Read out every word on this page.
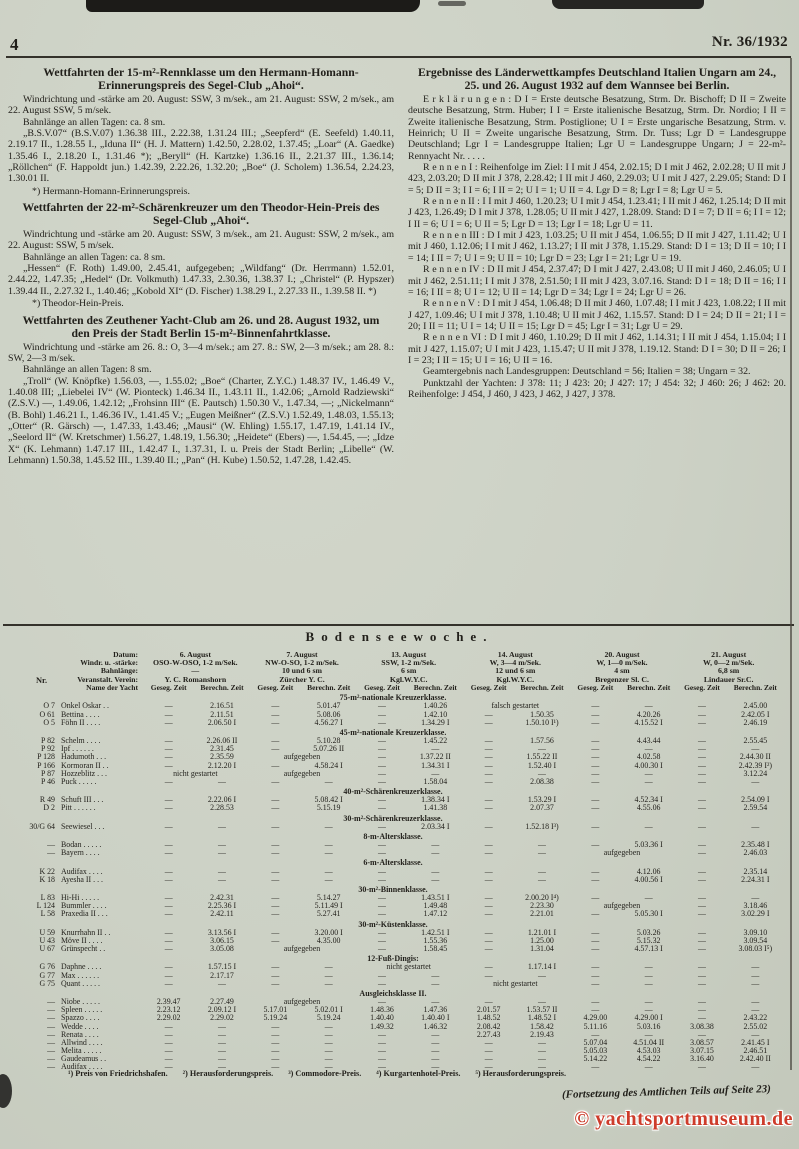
4	Nr. 36/1932
Wettfahrten der 15-m²-Rennklasse um den Hermann-Homann-Erinnerungspreis des Segel-Club „Ahoi“.
Windrichtung und -stärke am 20. August: SSW, 3 m/sek., am 21. August: SSW, 2 m/sek., am 22. August SSW, 5 m/sek.
Bahnlänge an allen Tagen: ca. 8 sm.
„B.S.V.07“ (B.S.V.07) 1.36.38 III., 2.22.38, 1.31.24 III.; „Seepferd“ (E. Seefeld) 1.40.11, 2.19.17 II., 1.28.55 I., „Iduna II“ (H. J. Mattern) 1.42.50, 2.28.02, 1.37.45; „Loar“ (A. Gaedke) 1.35.46 I., 2.18.20 I., 1.31.46 *); „Beryll“ (H. Kartzke) 1.36.16 II., 2.21.37 III., 1.36.14; „Röllchen“ (F. Happoldt jun.) 1.42.39, 2.22.26, 1.32.20; „Boe“ (J. Scholem) 1.36.54, 2.24.23, 1.30.01 II.
*) Hermann-Homann-Erinnerungspreis.
Wettfahrten der 22-m²-Schärenkreuzer um den Theodor-Hein-Preis des Segel-Club „Ahoi“.
Windrichtung und -stärke am 20. August: SSW, 3 m/sek., am 21. August: SSW, 2 m/sek., am 22. August: SSW, 5 m/sek.
Bahnlänge an allen Tagen: ca. 8 sm.
„Hessen“ (F. Roth) 1.49.00, 2.45.41, aufgegeben; „Wildfang“ (Dr. Herrmann) 1.52.01, 2.44.22, 1.47.35; „Hedel“ (Dr. Volkmuth) 1.47.33, 2.30.36, 1.38.37 I.; „Christel“ (P. Hypszer) 1.39.44 II., 2.27.32 I., 1.40.46; „Kobold XI“ (D. Fischer) 1.38.29 I., 2.27.33 II., 1.39.58 II. *)
*) Theodor-Hein-Preis.
Wettfahrten des Zeuthener Yacht-Club am 26. und 28. August 1932, um den Preis der Stadt Berlin 15-m²-Binnenfahrtklasse.
Windrichtung und -stärke am 26. 8.: O, 3—4 m/sek.; am 27. 8.: SW, 2—3 m/sek.; am 28. 8.: SW, 2—3 m/sek.
Bahnlänge an allen Tagen: 8 sm.
„Troll“ (W. Knöpfke) 1.56.03, —, 1.55.02; „Boe“ (Charter, Z.Y.C.) 1.48.37 IV., 1.46.49 V., 1.40.08 III; „Liebelei IV“ (W. Pionteck) 1.46.34 II., 1.43.11 II., 1.42.06; „Arnold Radziewski“ (Z.S.V.) —, 1.49.06, 1.42.12; „Frohsinn III“ (E. Pautsch) 1.50.30 V., 1.47.34, —; „Nickelmann“ (B. Bohl) 1.46.21 I., 1.46.36 IV., 1.41.45 V.; „Eugen Meißner“ (Z.S.V.) 1.52.49, 1.48.03, 1.55.13; „Otter“ (R. Gärsch) —, 1.47.33, 1.43.46; „Mausi“ (W. Ehling) 1.55.17, 1.47.19, 1.41.14 IV., „Seelord II“ (W. Kretschmer) 1.56.27, 1.48.19, 1.56.30; „Heidete“ (Ebers) —, 1.54.45, —; „Idze X“ (K. Lehmann) 1.47.17 III., 1.42.47 I., 1.37.31, I. u. Preis der Stadt Berlin; „Libelle“ (W. Lehmann) 1.50.38, 1.45.52 III., 1.39.40 II.; „Pan“ (H. Kube) 1.50.52, 1.47.28, 1.42.45.
Ergebnisse des Länderwettkampfes Deutschland Italien Ungarn am 24., 25. und 26. August 1932 auf dem Wannsee bei Berlin.
E r k l ä r u n g e n : D I = Erste deutsche Besatzung, Strm. Dr. Bischoff; D II = Zweite deutsche Besatzung, Strm. Huber; I I = Erste italienische Besatzug, Strm. Dr. Nordio; I II = Zweite italienische Besatzung, Strm. Postiglione; U I = Erste ungarische Besatzung, Strm. v. Heinrich; U II = Zweite ungarische Besatzung, Strm. Dr. Tuss; Lgr D = Landesgruppe Deutschland; Lgr I = Landesgruppe Italien; Lgr U = Landesgruppe Ungarn; J = 22-m²-Rennyacht Nr. . . . .
R e n n e n I : Reihenfolge im Ziel: I I mit J 454, 2.02.15; D I mit J 462, 2.02.28; U II mit J 423, 2.03.20; D II mit J 378, 2.28.42; I II mit J 460, 2.29.03; U I mit J 427, 2.29.05; Stand: D I = 5; D II = 3; I I = 6; I II = 2; U I = 1; U II = 4. Lgr D = 8; Lgr I = 8; Lgr U = 5.
R e n n e n II : I I mit J 460, 1.20.23; U I mit J 454, 1.23.41; I II mit J 462, 1.25.14; D II mit J 423, 1.26.49; D I mit J 378, 1.28.05; U II mit J 427, 1.28.09. Stand: D I = 7; D II = 6; I I = 12; I II = 6; U I = 6; U II = 5; Lgr D = 13; Lgr I = 18; Lgr U = 11.
R e n n e n III : D I mit J 423, 1.03.25; U II mit J 454, 1.06.55; D II mit J 427, 1.11.42; U I mit J 460, 1.12.06; I I mit J 462, 1.13.27; I II mit J 378, 1.15.29. Stand: D I = 13; D II = 10; I I = 14; I II = 7; U I = 9; U II = 10; Lgr D = 23; Lgr I = 21; Lgr U = 19.
R e n n e n IV : D II mit J 454, 2.37.47; D I mit J 427, 2.43.08; U II mit J 460, 2.46.05; U I mit J 462, 2.51.11; I I mit J 378, 2.51.50; I II mit J 423, 3.07.16. Stand: D I = 18; D II = 16; I I = 16; I II = 8; U I = 12; U II = 14; Lgr D = 34; Lgr I = 24; Lgr U = 26.
R e n n e n V : D I mit J 454, 1.06.48; D II mit J 460, 1.07.48; I I mit J 423, 1.08.22; I II mit J 427, 1.09.46; U I mit J 378, 1.10.48; U II mit J 462, 1.15.57. Stand: D I = 24; D II = 21; I I = 20; I II = 11; U I = 14; U II = 15; Lgr D = 45; Lgr I = 31; Lgr U = 29.
R e n n e n VI : D I mit J 460, 1.10.29; D II mit J 462, 1.14.31; I II mit J 454, 1.15.04; I I mit J 427, 1.15.07; U I mit J 423, 1.15.47; U II mit J 378, 1.19.12. Stand: D I = 30; D II = 26; I I = 23; I II = 15; U I = 16; U II = 16.
Geamtergebnis nach Landesgruppen: Deutschland = 56; Italien = 38; Ungarn = 32.
Punktzahl der Yachten: J 378: 11; J 423: 20; J 427: 17; J 454: 32; J 460: 26; J 462: 20. Reihenfolge: J 454, J 460, J 423, J 462, J 427, J 378.
Bodenseewoche.
Nr.
Datum:	6. August	7. August	13. August	14. August	20. August	21. August
Windr. u. -stärke:	OSO-W-OSO, 1-2 m/Sek.	NW-O-SO, 1-2 m/Sek.	SSW, 1-2 m/Sek.	W, 3—4 m/Sek.	W, 1—0 m/Sek.	W, 0—2 m/Sek.
Bahnlänge:	—	10 und 6 sm	6 sm	12 und 6 sm	4 sm	6,8 sm
Veranstalt. Verein:	Y. C. Romanshorn	Zürcher Y. C.	Kgl.W.Y.C.	Kgl.W.Y.C.	Bregenzer Sl. C.	Lindauer Sr.C.
Name der Yacht	Geseg. Zeit	Berechn. Zeit	Geseg. Zeit	Berechn. Zeit	Geseg. Zeit	Berechn. Zeit	Geseg. Zeit	Berechn. Zeit	Geseg. Zeit	Berechn. Zeit	Geseg. Zeit	Berechn. Zeit
75-m²-nationale Kreuzerklasse.
O 7 Onkel Oskar . .	—	2.16.51	—	5.01.47	—	1.40.26	falsch gestartet	—	—	—	2.45.00
O 61 Bettina . . . .	—	2.11.51	—	5.08.06	—	1.42.10	—	1.50.35	—	4.20.26	—	2.42.05 I
O 5 Föhn II . . . .	—	2.06.50 I	—	4.56.27 I	—	1.34.29 I	—	1.50.10 I¹)	—	4.15.52 I	—	2.46.19
45-m²-nationale Kreuzerklasse.
P 82 Schelm . . . .	—	2.26.06 II	—	5.10.28	—	1.45.22	—	1.57.56	—	4.43.44	—	2.55.45
P 92 Ipf . . . . . .	—	2.31.45	—	5.07.26 II	—	—	—	—	—	—	—	—
P 128 Hadumoth . . .	—	2.35.59	aufgegeben	—	1.37.22 II	—	1.55.22 II	—	4.02.58	—	2.44.30 II
P 166 Kormoran II . .	—	2.12.20 I	—	4.58.24 I	—	1.34.31 I	—	1.52.40 I	—	4.00.30 I	—	2.42.39 I²)
P 87 Hozzeblitz . . .	nicht gestartet	aufgegeben	—	—	—	—	—	—	—	3.12.24
P 46 Puck . . . . .	—	—	—	—	—	1.58.04	—	2.08.38	—	—	—	—
40-m²-Schärenkreuzerklasse.
R 49 Schuft III . . .	—	2.22.06 I	—	5.08.42 I	—	1.38.34 I	—	1.53.29 I	—	4.52.34 I	—	2.54.09 I
D 2 Pitt . . . . . .	—	2.28.53	—	5.15.19	—	1.41.38	—	2.07.37	—	4.55.06	—	2.59.54
30-m²-Schärenkreuzerklasse.
30/G 64 Seewiesel . . .	—	—	—	—	—	2.03.34 I	—	1.52.18 I³)	—	—	—	—
8-m-Altersklasse.
— Bodan . . . . .	—	—	—	—	—	—	—	—	—	5.03.36 I	—	2.35.48 I
— Bayern . . . .	—	—	—	—	—	—	—	—	aufgegeben	—	2.46.03
6-m-Altersklasse.
K 22 Audifax . . . .	—	—	—	—	—	—	—	—	—	4.12.06	—	2.35.14
K 18 Ayesha II . . .	—	—	—	—	—	—	—	—	—	4.00.56 I	—	2.24.31 I
30-m²-Binnenklasse.
L 83 Hi-Hi . . . . .	—	2.42.31	—	5.14.27	—	1.43.51 I	—	2.00.20 I⁴)	—	—	—	—
L 124 Bummler . . . .	—	2.25.36 I	—	5.11.49 I	—	1.49.48	—	2.23.30	aufgegeben	—	3.18.46
L 58 Praxedia II . . .	—	2.42.11	—	5.27.41	—	1.47.12	—	2.21.01	—	5.05.30 I	—	3.02.29 I
30-m²-Küstenklasse.
U 59 Knurrhahn II . .	—	3.13.56 I	—	3.20.00 I	—	1.42.51 I	—	1.21.01 I	—	5.03.26	—	3.09.10
U 43 Möve II . . . .	—	3.06.15	—	4.35.00	—	1.55.36	—	1.25.00	—	5.15.32	—	3.09.54
U 67 Grünspecht . .	—	3.05.08	aufgegeben	—	1.58.45	—	1.31.04	—	4.57.13 I	—	3.08.03 I⁵)
12-Fuß-Dingis:
G 76 Daphne . . . .	—	1.57.15 I	—	—	nicht gestartet	—	1.17.14 I	—	—	—	—
G 77 Max . . . . . .	—	2.17.17	—	—	—	—	—	—	—	—	—	—
G 75 Quant . . . . .	—	—	—	—	—	—	nicht gestartet	—	—	—	—
Ausgleichsklasse II.
— Niobe . . . . .	2.39.47	2.27.49	aufgegeben	—	—	—	—	—	—	—	—
— Spleen . . . . .	2.23.12	2.09.12 I	5.17.01	5.02.01 I	1.48.36	1.47.36	2.01.57	1.53.57 II	—	—	—	—
— Spazzo . . . .	2.29.02	2.29.02	5.19.24	5.19.24	1.40.40	1.40.40 I	1.48.52	1.48.52 I	4.29.00	4.29.00 I	—	2.43.22
— Wedde . . . .	—	—	—	—	1.49.32	1.46.32	2.08.42	1.58.42	5.11.16	5.03.16	3.08.38	2.55.02
— Renata . . . .	—	—	—	—	—	—	2.27.43	2.19.43	—	—	—	—
— Allwind . . . .	—	—	—	—	—	—	—	—	5.07.04	4.51.04 II	3.08.57	2.41.45 I
— Melita . . . . .	—	—	—	—	—	—	—	—	5.05.03	4.53.03	3.07.15	2.46.51
— Gaudeamus . .	—	—	—	—	—	—	—	—	5.14.22	4.54.22	3.16.40	2.42.40 II
— Audifax . . . .	—	—	—	—	—	—	—	—	—	—	—	—
¹) Preis von Friedrichshafen. ²) Herausforderungspreis. ³) Commodore-Preis. ⁴) Kurgartenhotel-Preis. ⁵) Herausforderungspreis.
(Fortsetzung des Amtlichen Teils auf Seite 23)
© yachtsportmuseum.de
